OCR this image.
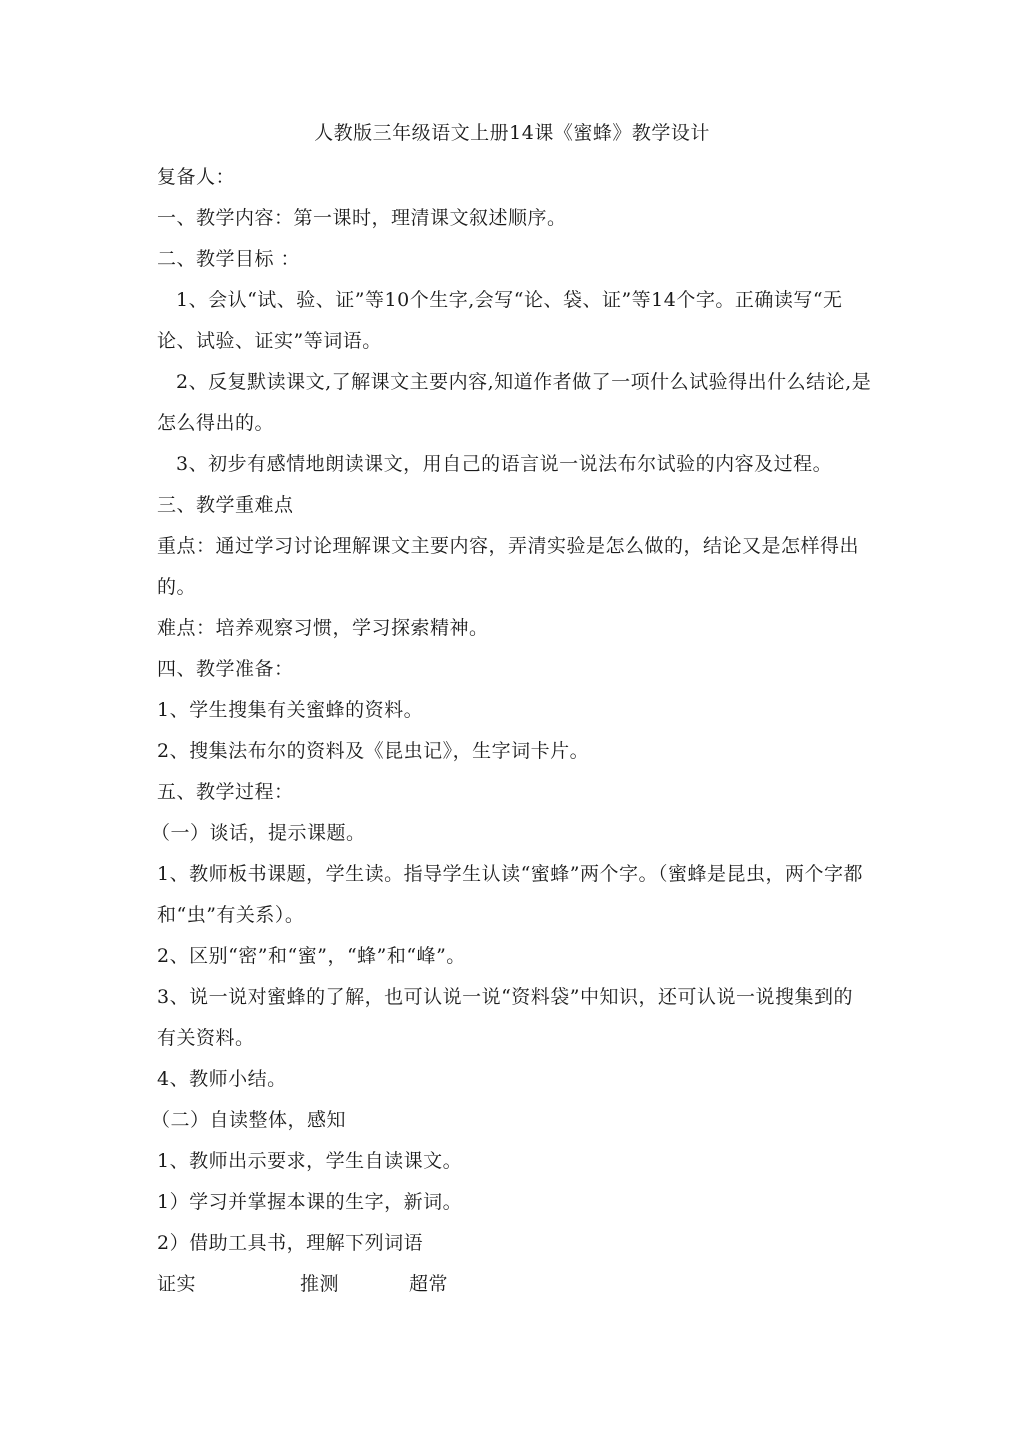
人教版三年级语文上册14课《蜜蜂》教学设计

复备人：

一、教学内容：第一课时，理清课文叙述顺序。

二、教学目标 ：

1、会认“试、验、证”等10个生字,会写“论、袋、证”等14个字。正确读写“无论、试验、证实”等词语。

2、反复默读课文,了解课文主要内容,知道作者做了一项什么试验得出什么结论,是怎么得出的。

3、初步有感情地朗读课文，用自己的语言说一说法布尔试验的内容及过程。

三、教学重难点

重点：通过学习讨论理解课文主要内容，弄清实验是怎么做的，结论又是怎样得出的。

难点：培养观察习惯，学习探索精神。

四、教学准备：

1、学生搜集有关蜜蜂的资料。

2、搜集法布尔的资料及《昆虫记》，生字词卡片。

五、教学过程：

（一）谈话，提示课题。

1、教师板书课题，学生读。指导学生认读“蜜蜂”两个字。（蜜蜂是昆虫，两个字都和“虫”有关系）。

2、区别“密”和“蜜”，“蜂”和“峰”。

3、说一说对蜜蜂的了解，也可认说一说“资料袋”中知识，还可认说一说搜集到的有关资料。

4、教师小结。

（二）自读整体，感知

1、教师出示要求，学生自读课文。

1）学习并掌握本课的生字，新词。

2）借助工具书，理解下列词语

证实	推测	超常
